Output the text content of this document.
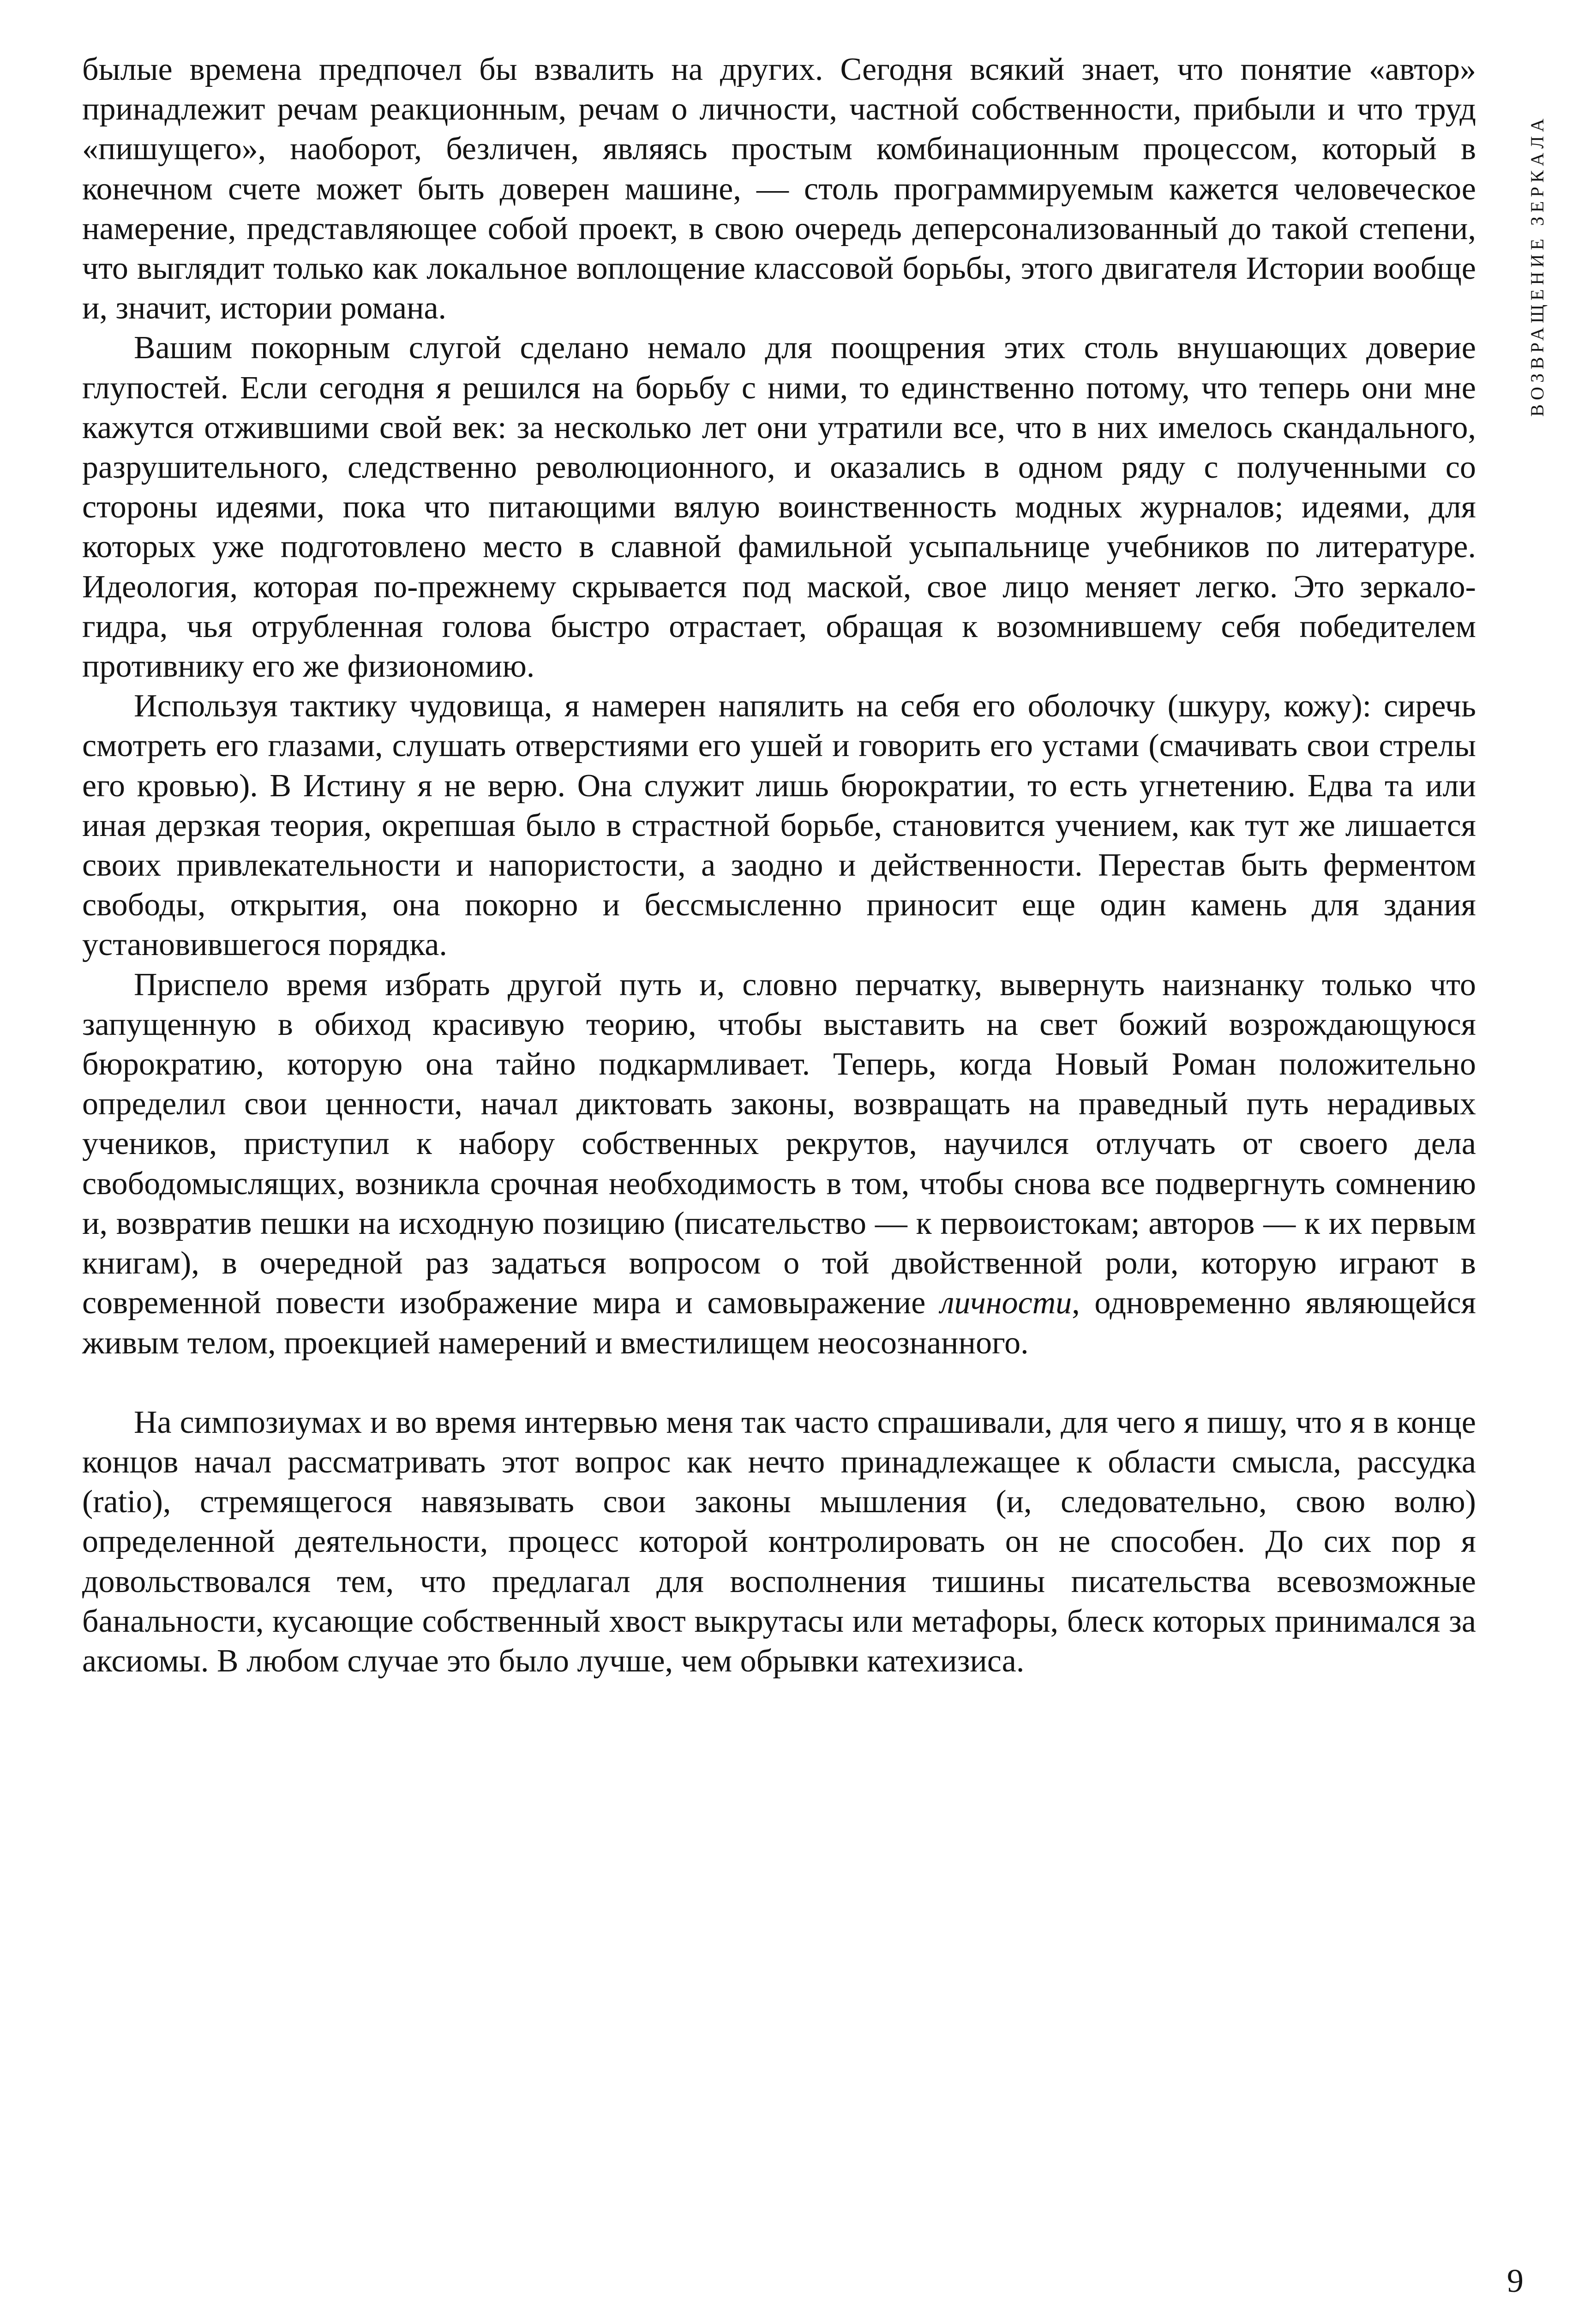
ВОЗВРАЩЕНИЕ ЗЕРКАЛА

былые времена предпочел бы взвалить на других. Сегодня всякий знает, что понятие «автор» принадлежит речам реакционным, речам о личности, частной собственности, прибыли и что труд «пишущего», наоборот, безличен, являясь простым комбинационным процессом, который в конечном счете может быть доверен машине, — столь программируемым кажется человеческое намерение, представляющее собой проект, в свою очередь деперсонализованный до такой степени, что выглядит только как локальное воплощение классовой борьбы, этого двигателя Истории вообще и, значит, истории романа.

Вашим покорным слугой сделано немало для поощрения этих столь внушающих доверие глупостей. Если сегодня я решился на борьбу с ними, то единственно потому, что теперь они мне кажутся отжившими свой век: за несколько лет они утратили все, что в них имелось скандального, разрушительного, следственно революционного, и оказались в одном ряду с полученными со стороны идеями, пока что питающими вялую воинственность модных журналов; идеями, для которых уже подготовлено место в славной фамильной усыпальнице учебников по литературе. Идеология, которая по-прежнему скрывается под маской, свое лицо меняет легко. Это зеркало-гидра, чья отрубленная голова быстро отрастает, обращая к возомнившему себя победителем противнику его же физиономию.

Используя тактику чудовища, я намерен напялить на себя его оболочку (шкуру, кожу): сиречь смотреть его глазами, слушать отверстиями его ушей и говорить его устами (смачивать свои стрелы его кровью). В Истину я не верю. Она служит лишь бюрократии, то есть угнетению. Едва та или иная дерзкая теория, окрепшая было в страстной борьбе, становится учением, как тут же лишается своих привлекательности и напористости, а заодно и действенности. Перестав быть ферментом свободы, открытия, она покорно и бессмысленно приносит еще один камень для здания установившегося порядка.

Приспело время избрать другой путь и, словно перчатку, вывернуть наизнанку только что запущенную в обиход красивую теорию, чтобы выставить на свет божий возрождающуюся бюрократию, которую она тайно подкармливает. Теперь, когда Новый Роман положительно определил свои ценности, начал диктовать законы, возвращать на праведный путь нерадивых учеников, приступил к набору собственных рекрутов, научился отлучать от своего дела свободомыслящих, возникла срочная необходимость в том, чтобы снова все подвергнуть сомнению и, возвратив пешки на исходную позицию (писательство — к первоистокам; авторов — к их первым книгам), в очередной раз задаться вопросом о той двойственной роли, которую играют в современной повести изображение мира и самовыражение личности, одновременно являющейся живым телом, проекцией намерений и вместилищем неосознанного.

На симпозиумах и во время интервью меня так часто спрашивали, для чего я пишу, что я в конце концов начал рассматривать этот вопрос как нечто принадлежащее к области смысла, рассудка (ratio), стремящегося навязывать свои законы мышления (и, следовательно, свою волю) определенной деятельности, процесс которой контролировать он не способен. До сих пор я довольствовался тем, что предлагал для восполнения тишины писательства всевозможные банальности, кусающие собственный хвост выкрутасы или метафоры, блеск которых принимался за аксиомы. В любом случае это было лучше, чем обрывки катехизиса.

9
